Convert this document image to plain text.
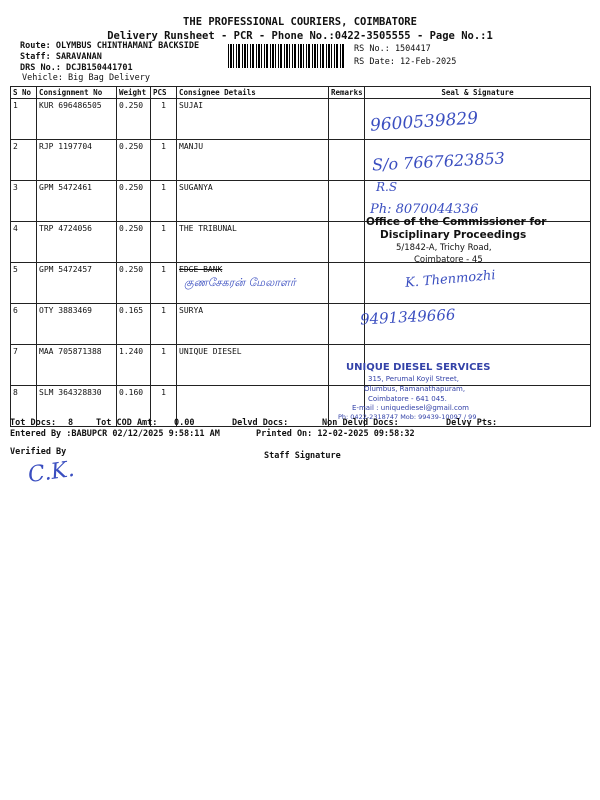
THE PROFESSIONAL COURIERS, COIMBATORE
Delivery Runsheet - PCR - Phone No.:0422-3505555 - Page No.:1
Route: OLYMBUS CHINTHAMANI BACKSIDE
Staff: SARAVANAN
DRS No.: DCJB150441701
Vehicle: Big Bag Delivery
RS No.: 1504417
RS Date: 12-Feb-2025
S No	Consignment No	Weight	PCS	Consignee Details	Remarks	Seal & Signature
1	KUR 696486505	0.250	1	SUJAI		
2	RJP 1197704	0.250	1	MANJU		
3	GPM 5472461	0.250	1	SUGANYA		
4	TRP 4724056	0.250	1	THE TRIBUNAL		
5	GPM 5472457	0.250	1	EDGE BANK		
6	OTY 3883469	0.165	1	SURYA		
7	MAA 705871388	1.240	1	UNIQUE DIESEL		
8	SLM 364328830	0.160	1			
9600539829
S/o 7667623853
R.S
Ph: 8070044336
Office of the Commissioner for
Disciplinary Proceedings
5/1842-A, Trichy Road,
Coimbatore - 45
K. Thenmozhi
குணசேகரன் மேலாளர்
9491349666
UNIQUE DIESEL SERVICES
315, Perumal Koyil Street,
Olumbus, Ramanathapuram,
Coimbatore - 641 045.
E-mail : uniquediesel@gmail.com
Ph: 0422-2318747 Mob: 99439-10097 / 99
Tot Docs: 8	Tot COD Amt: 0.00	Delvd Docs:	Non Delvd Docs:	Delvy Pts:
Entered By :BABUPCR 02/12/2025 9:58:11 AM	Printed On: 12-02-2025 09:58:32
Verified By	Staff Signature
C.K.
